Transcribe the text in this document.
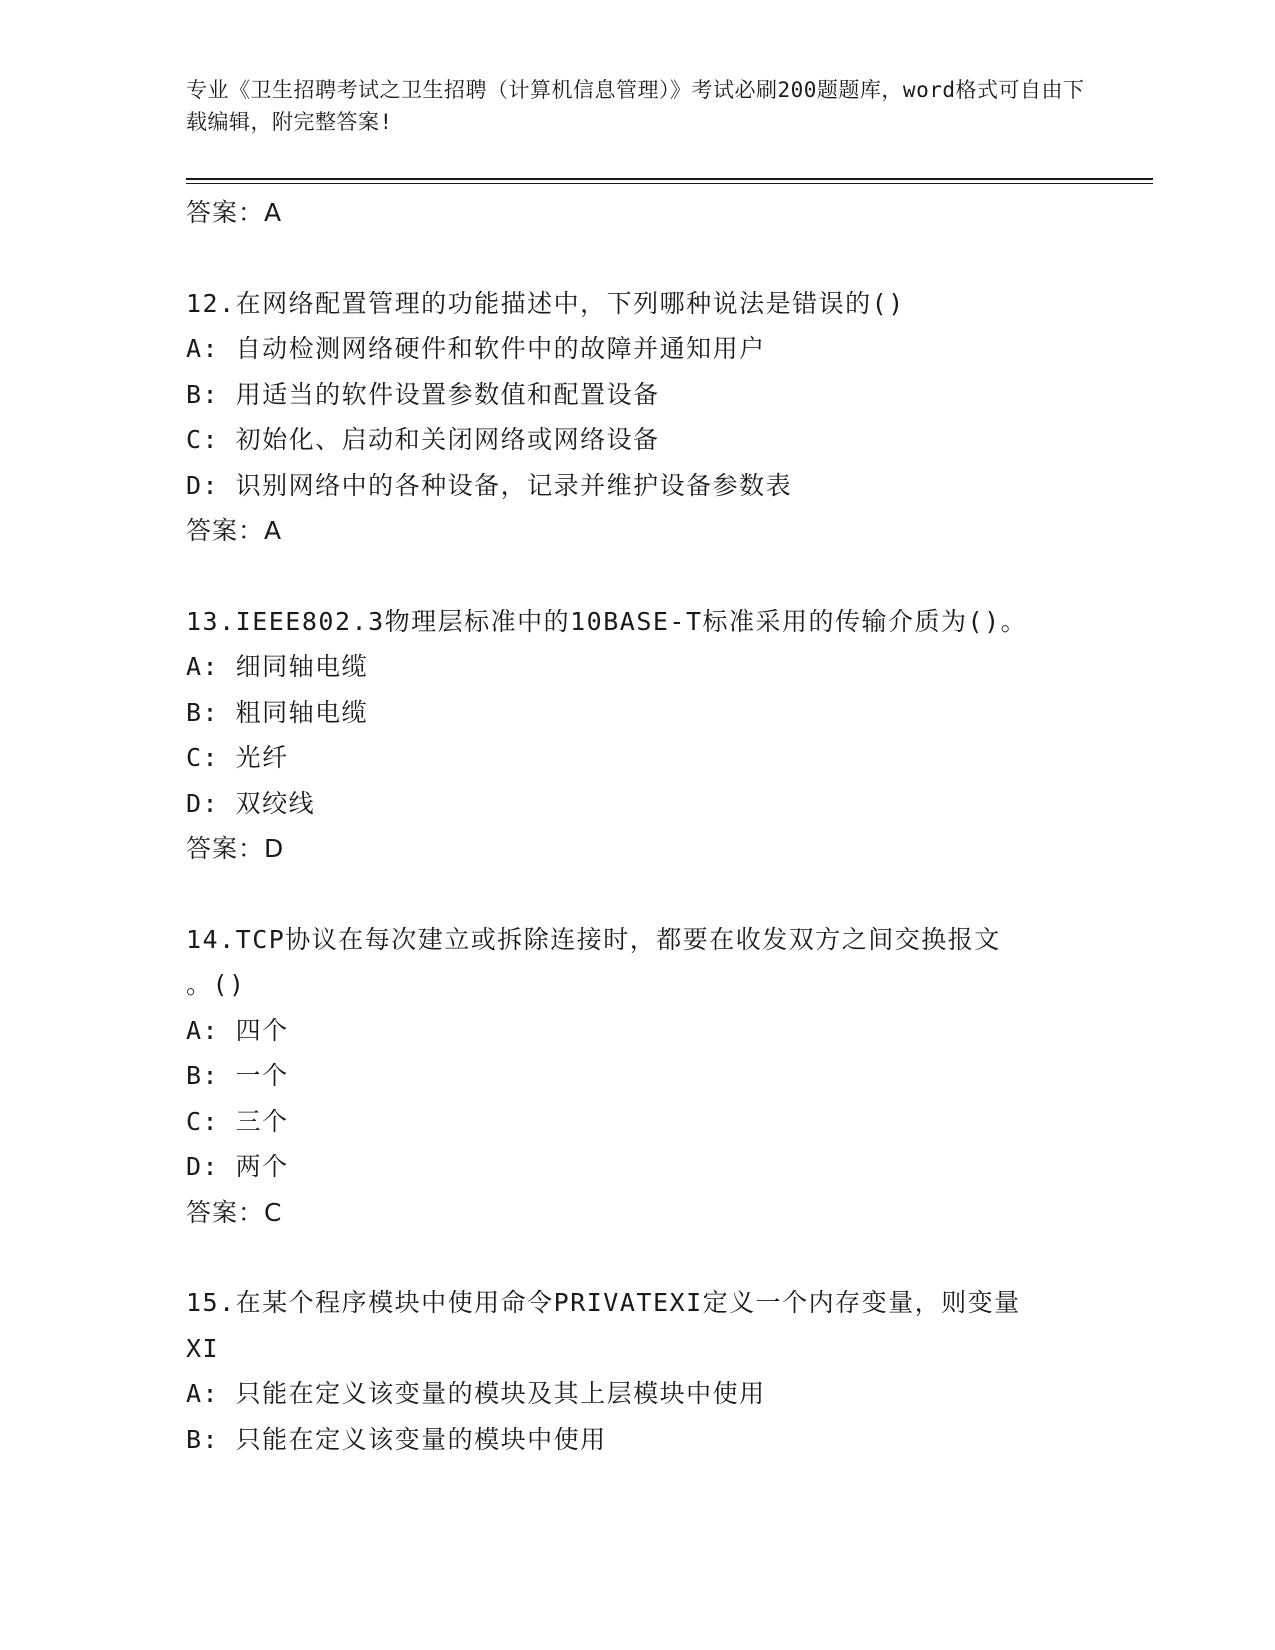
专业《卫生招聘考试之卫生招聘（计算机信息管理）》考试必刷200题题库，word格式可自由下载编辑，附完整答案!
答案：A
12.在网络配置管理的功能描述中，下列哪种说法是错误的()
A: 自动检测网络硬件和软件中的故障并通知用户
B: 用适当的软件设置参数值和配置设备
C: 初始化、启动和关闭网络或网络设备
D: 识别网络中的各种设备，记录并维护设备参数表
答案：A
13.IEEE802.3物理层标准中的10BASE-T标准采用的传输介质为()。
A: 细同轴电缆
B: 粗同轴电缆
C: 光纤
D: 双绞线
答案：D
14.TCP协议在每次建立或拆除连接时，都要在收发双方之间交换报文
。()
A: 四个
B: 一个
C: 三个
D: 两个
答案：C
15.在某个程序模块中使用命令PRIVATEXI定义一个内存变量，则变量
XI
A: 只能在定义该变量的模块及其上层模块中使用
B: 只能在定义该变量的模块中使用
